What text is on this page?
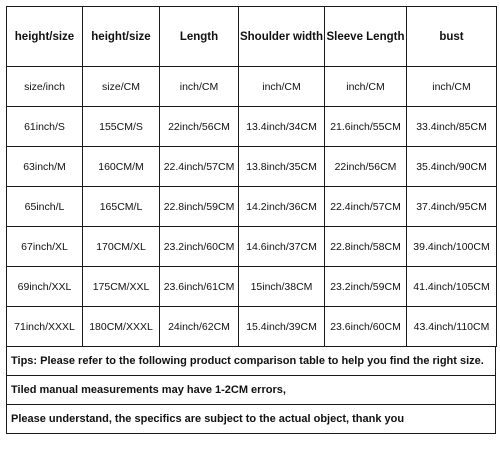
height/size	height/size	Length	Shoulder width	Sleeve Length	bust
size/inch	size/CM	inch/CM	inch/CM	inch/CM	inch/CM
61inch/S	155CM/S	22inch/56CM	13.4inch/34CM	21.6inch/55CM	33.4inch/85CM
63inch/M	160CM/M	22.4inch/57CM	13.8inch/35CM	22inch/56CM	35.4inch/90CM
65inch/L	165CM/L	22.8inch/59CM	14.2inch/36CM	22.4inch/57CM	37.4inch/95CM
67inch/XL	170CM/XL	23.2inch/60CM	14.6inch/37CM	22.8inch/58CM	39.4inch/100CM
69inch/XXL	175CM/XXL	23.6inch/61CM	15inch/38CM	23.2inch/59CM	41.4inch/105CM
71inch/XXXL	180CM/XXXL	24inch/62CM	15.4inch/39CM	23.6inch/60CM	43.4inch/110CM
Tips: Please refer to the following product comparison table to help you find the right size.
Tiled manual measurements may have 1-2CM errors,
Please understand, the specifics are subject to the actual object, thank you
